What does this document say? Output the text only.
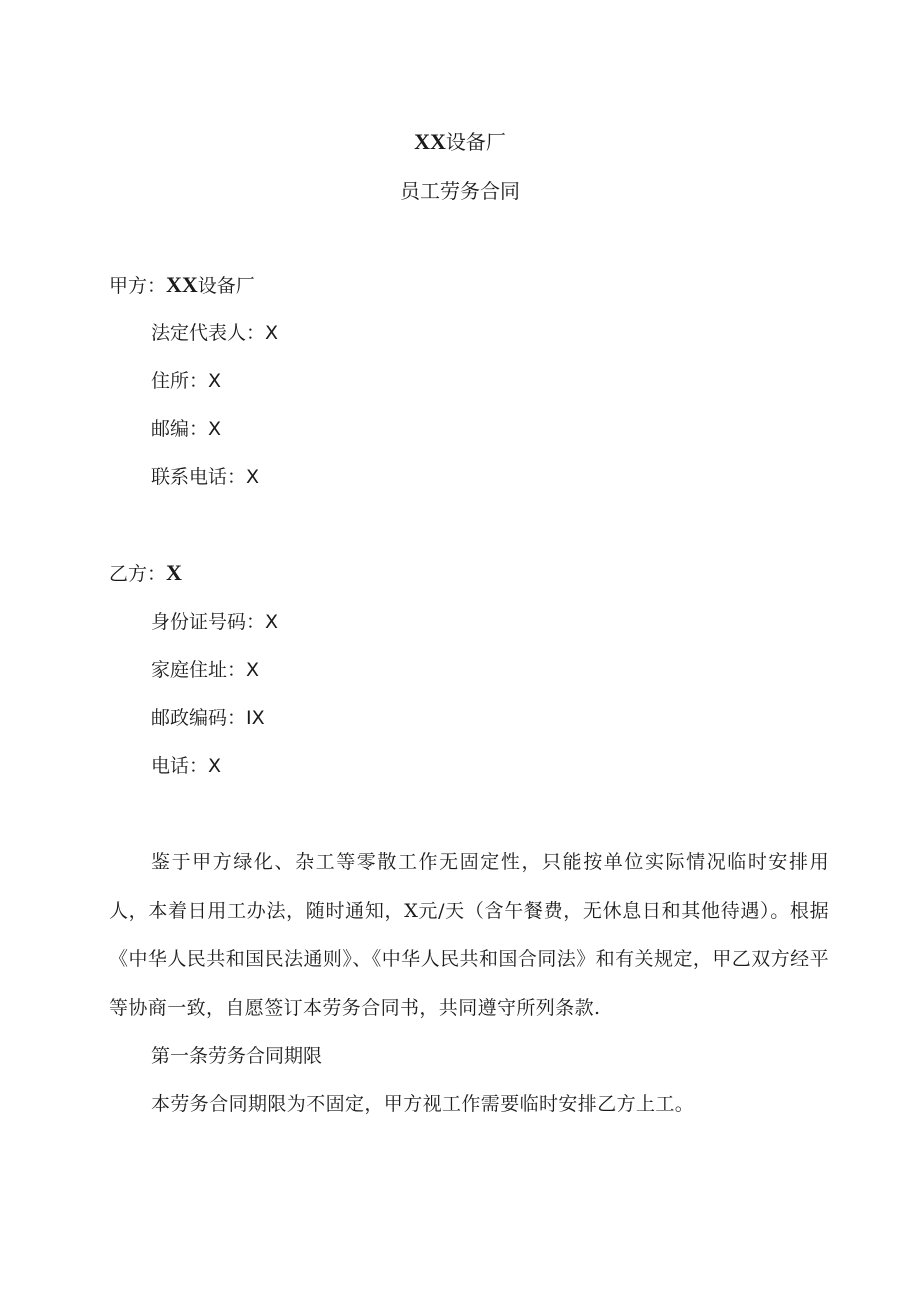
XX设备厂
员工劳务合同
甲方：XX设备厂
法定代表人：X
住所：X
邮编：X
联系电话：X
乙方：X
身份证号码：X
家庭住址：X
邮政编码：IX
电话：X
鉴于甲方绿化、杂工等零散工作无固定性，只能按单位实际情况临时安排用人，本着日用工办法，随时通知，X元/天（含午餐费，无休息日和其他待遇）。根据《中华人民共和国民法通则》、《中华人民共和国合同法》和有关规定，甲乙双方经平等协商一致，自愿签订本劳务合同书，共同遵守所列条款.
第一条劳务合同期限
本劳务合同期限为不固定，甲方视工作需要临时安排乙方上工。
